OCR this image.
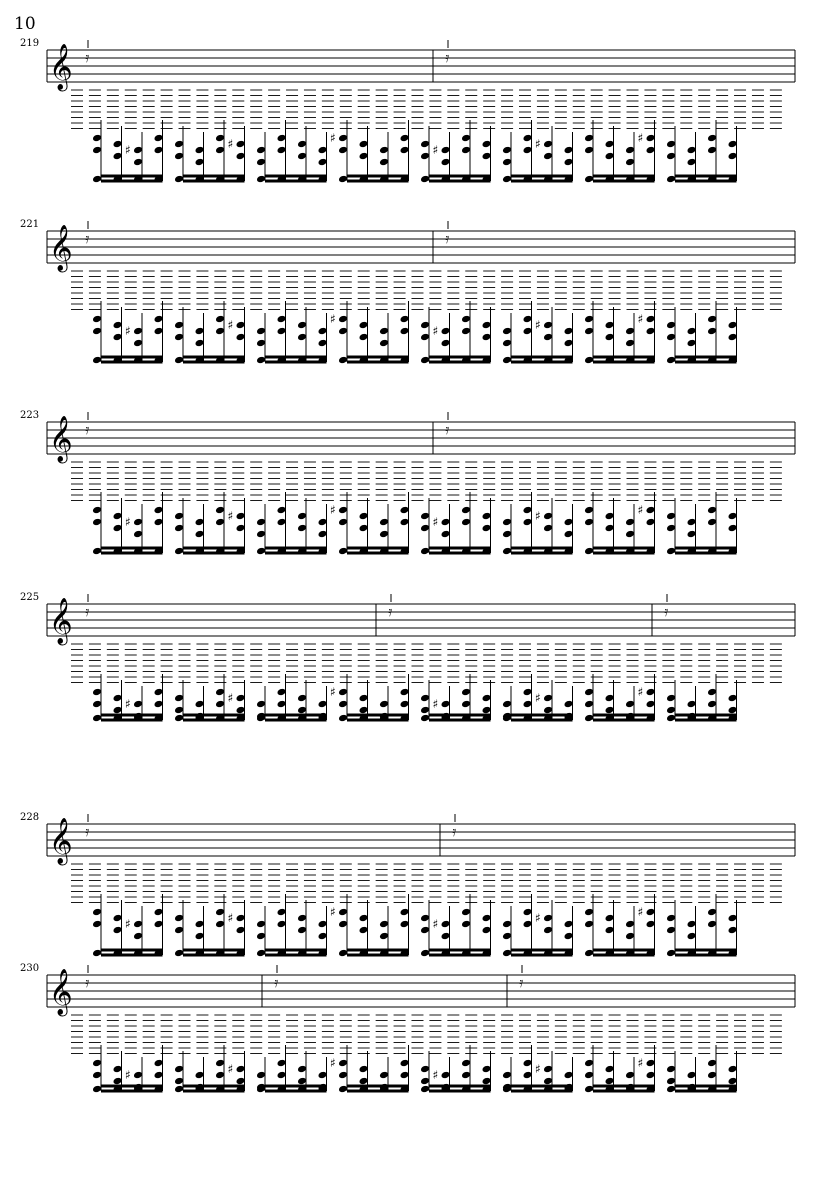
10
219
221
223
225
228
230
𝄞 𝄿	𝄿
♯	♯	♯
♯	♯	♯
𝄞 𝄿	𝄿
♯	♯	♯
♯	♯	♯
𝄞 𝄿	𝄿
♯	♯	♯
♯	♯	♯
𝄞 𝄿	𝄿	𝄿
♯	♯	♯
♯	♯	♯
𝄞 𝄿	𝄿
♯	♯	♯
♯	♯	♯
𝄞 𝄿	𝄿	𝄿
♯	♯	♯
♯	♯	♯
